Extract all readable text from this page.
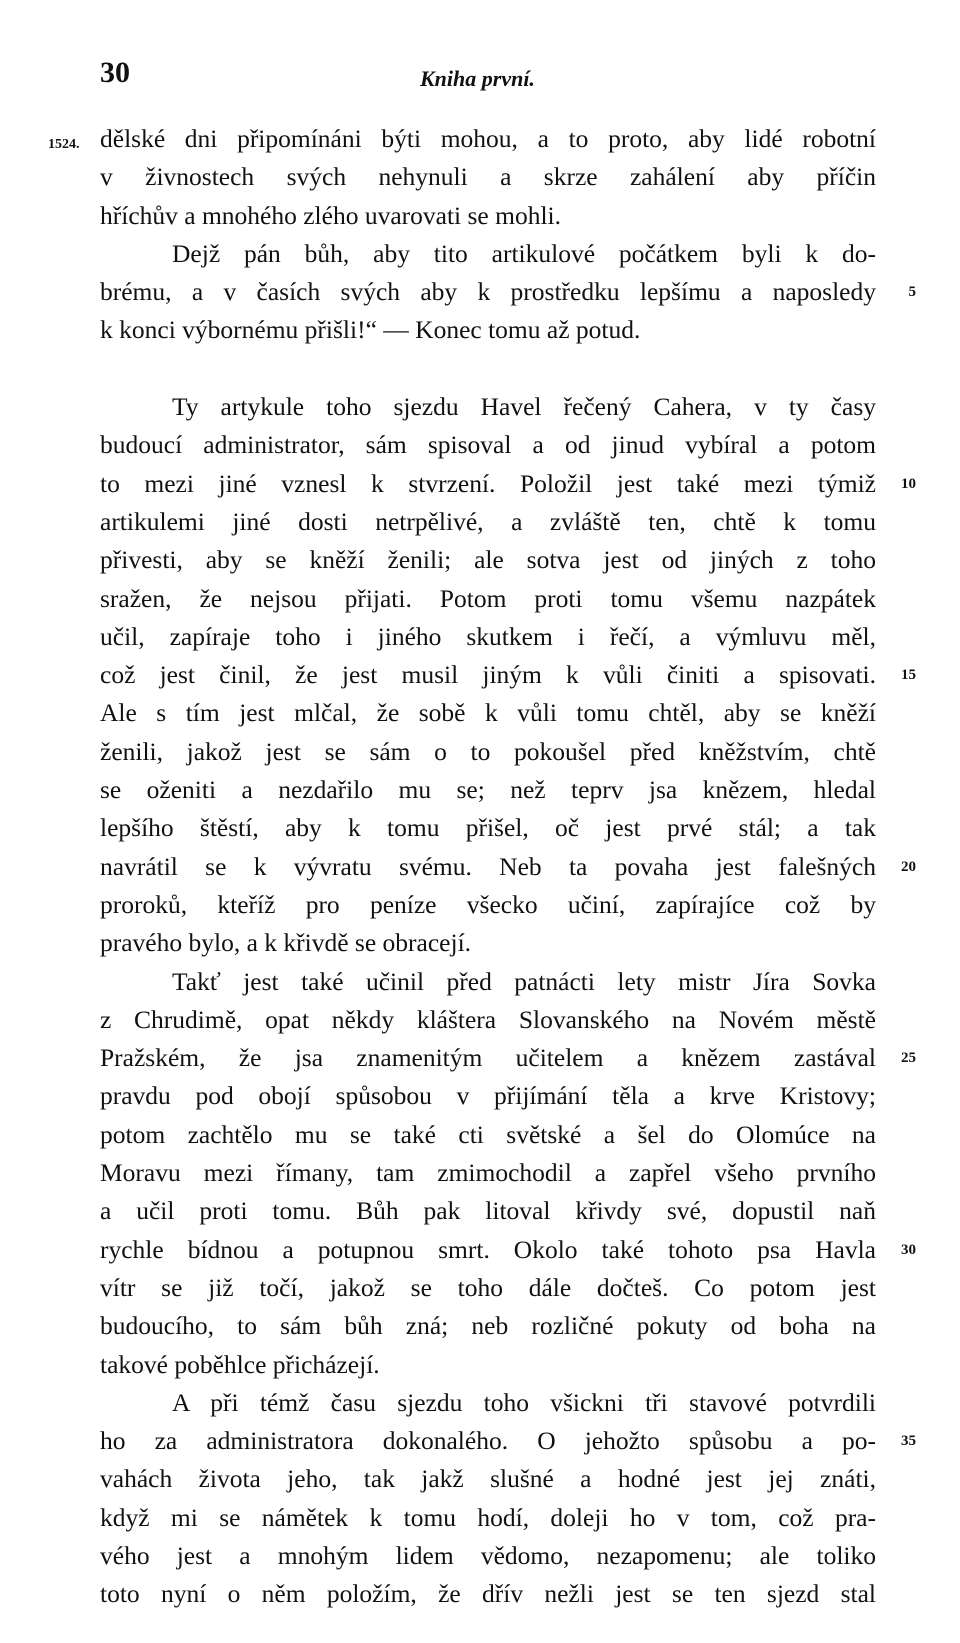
30	Kniha první.
1524. dělské dni připomínáni býti mohou, a to proto, aby lidé robotní
v živnostech svých nehynuli a skrze zahálení aby příčin
hříchův a mnohého zlého uvarovati se mohli.
Dejž pán bůh, aby tito artikulové počátkem byli k do-
brému, a v časích svých aby k prostředku lepšímu a naposledy 5
k konci výbornému přišli!“ — Konec tomu až potud.
Ty artykule toho sjezdu Havel řečený Cahera, v ty časy
budoucí administrator, sám spisoval a od jinud vybíral a potom
to mezi jiné vznesl k stvrzení. Položil jest také mezi týmiž 10
artikulemi jiné dosti netrpělivé, a zvláště ten, chtě k tomu
přivesti, aby se kněží ženili; ale sotva jest od jiných z toho
sražen, že nejsou přijati. Potom proti tomu všemu nazpátek
učil, zapíraje toho i jiného skutkem i řečí, a výmluvu měl,
což jest činil, že jest musil jiným k vůli činiti a spisovati. 15
Ale s tím jest mlčal, že sobě k vůli tomu chtěl, aby se kněží
ženili, jakož jest se sám o to pokoušel před kněžstvím, chtě
se oženiti a nezdařilo mu se; než teprv jsa knězem, hledal
lepšího štěstí, aby k tomu přišel, oč jest prvé stál; a tak
navrátil se k vývratu svému. Neb ta povaha jest falešných 20
proroků, kteříž pro peníze všecko učiní, zapírajíce což by
pravého bylo, a k křivdě se obracejí.
Takť jest také učinil před patnácti lety mistr Jíra Sovka
z Chrudimě, opat někdy kláštera Slovanského na Novém městě
Pražském, že jsa znamenitým učitelem a knězem zastával 25
pravdu pod obojí spůsobou v přijímání těla a krve Kristovy;
potom zachtělo mu se také cti světské a šel do Olomúce na
Moravu mezi římany, tam zmimochodil a zapřel všeho prvního
a učil proti tomu. Bůh pak litoval křivdy své, dopustil naň
rychle bídnou a potupnou smrt. Okolo také tohoto psa Havla 30
vítr se již točí, jakož se toho dále dočteš. Co potom jest
budoucího, to sám bůh zná; neb rozličné pokuty od boha na
takové poběhlce přicházejí.
A při témž času sjezdu toho všickni tři stavové potvrdili
ho za administratora dokonalého. O jehožto spůsobu a po- 35
vahách života jeho, tak jakž slušné a hodné jest jej znáti,
když mi se námětek k tomu hodí, doleji ho v tom, což pra-
vého jest a mnohým lidem vědomo, nezapomenu; ale toliko
toto nyní o něm položím, že dřív nežli jest se ten sjezd stal
